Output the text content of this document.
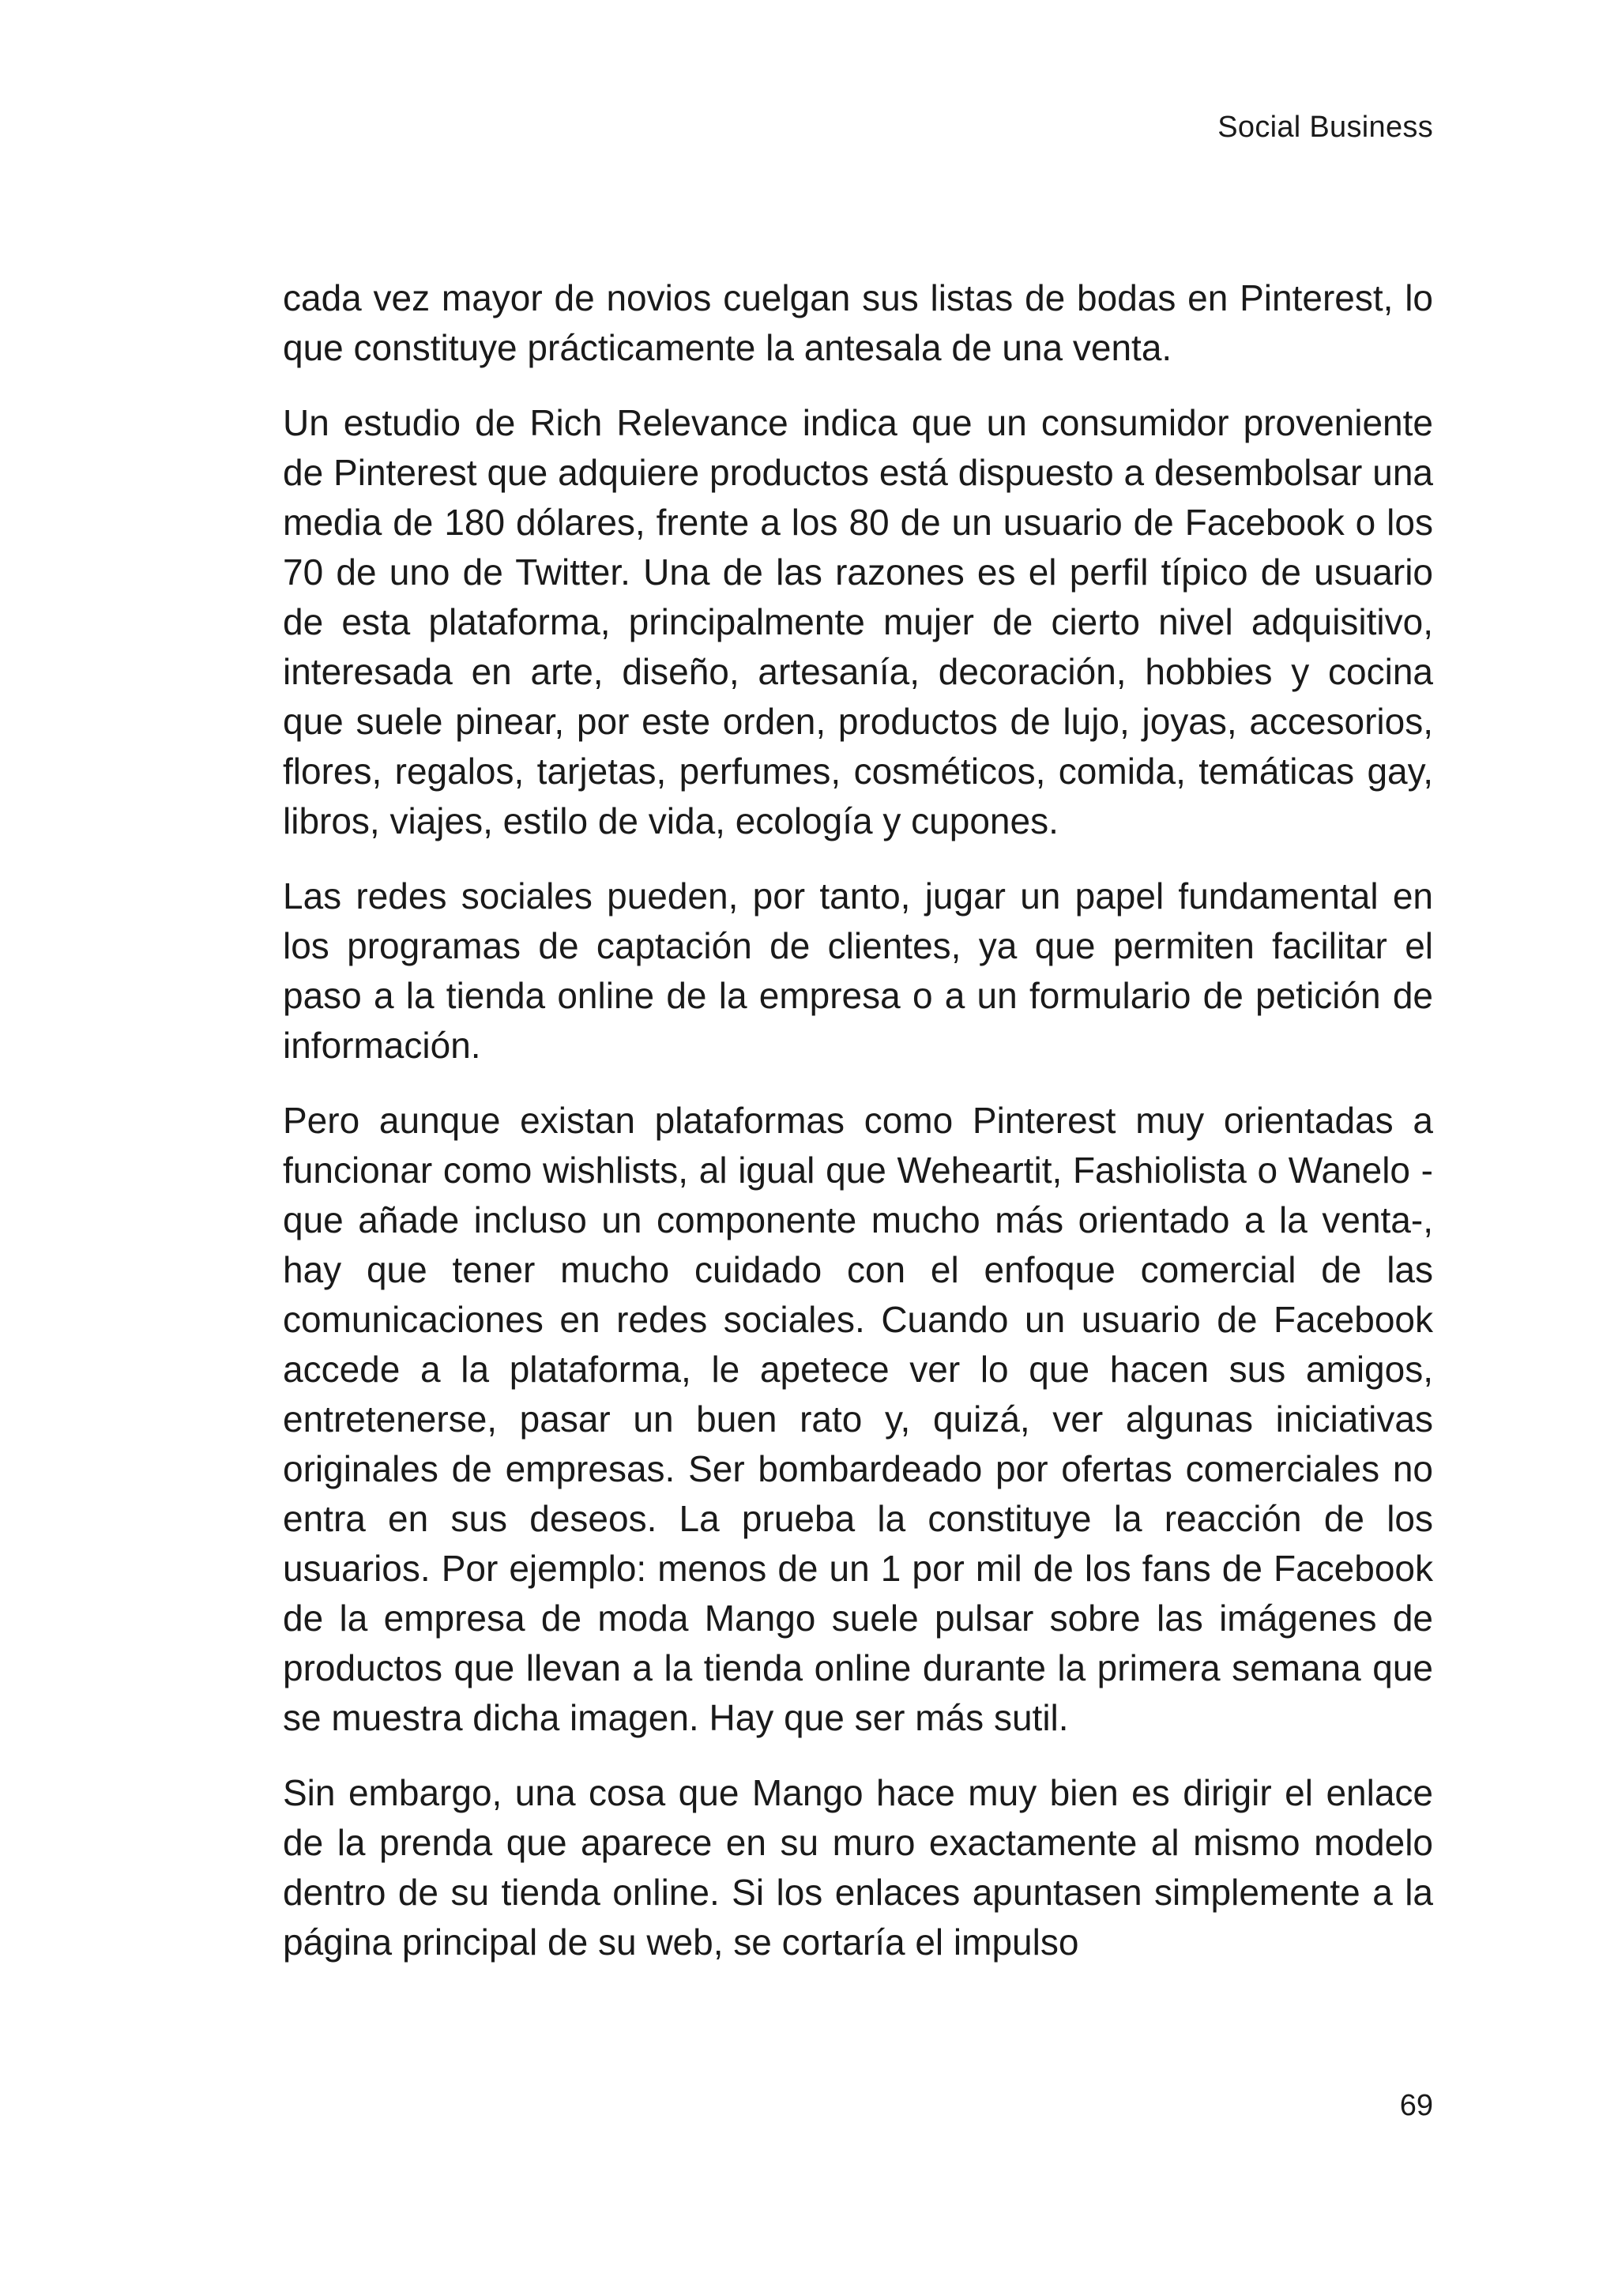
Social Business

cada vez mayor de novios cuelgan sus listas de bodas en Pinterest, lo que constituye prácticamente la antesala de una venta.

Un estudio de Rich Relevance indica que un consumidor proveniente de Pinterest que adquiere productos está dispuesto a desembolsar una media de 180 dólares, frente a los 80 de un usuario de Facebook o los 70 de uno de Twitter. Una de las razones es el perfil típico de usuario de esta plataforma, principalmente mujer de cierto nivel adquisitivo, interesada en arte, diseño, artesanía, decoración, hobbies y cocina que suele pinear, por este orden, productos de lujo, joyas, accesorios, flores, regalos, tarjetas, perfumes, cosméticos, comida, temáticas gay, libros, viajes, estilo de vida, ecología y cupones.

Las redes sociales pueden, por tanto, jugar un papel fundamental en los programas de captación de clientes, ya que permiten facilitar el paso a la tienda online de la empresa o a un formulario de petición de información.

Pero aunque existan plataformas como Pinterest muy orientadas a funcionar como wishlists, al igual que Weheartit, Fashiolista o Wanelo -que añade incluso un componente mucho más orientado a la venta-, hay que tener mucho cuidado con el enfoque comercial de las comunicaciones en redes sociales. Cuando un usuario de Facebook accede a la plataforma, le apetece ver lo que hacen sus amigos, entretenerse, pasar un buen rato y, quizá, ver algunas iniciativas originales de empresas. Ser bombardeado por ofertas comerciales no entra en sus deseos. La prueba la constituye la reacción de los usuarios. Por ejemplo: menos de un 1 por mil de los fans de Facebook de la empresa de moda Mango suele pulsar sobre las imágenes de productos que llevan a la tienda online durante la primera semana que se muestra dicha imagen. Hay que ser más sutil.

Sin embargo, una cosa que Mango hace muy bien es dirigir el enlace de la prenda que aparece en su muro exactamente al mismo modelo dentro de su tienda online. Si los enlaces apuntasen simplemente a la página principal de su web, se cortaría el impulso

69
